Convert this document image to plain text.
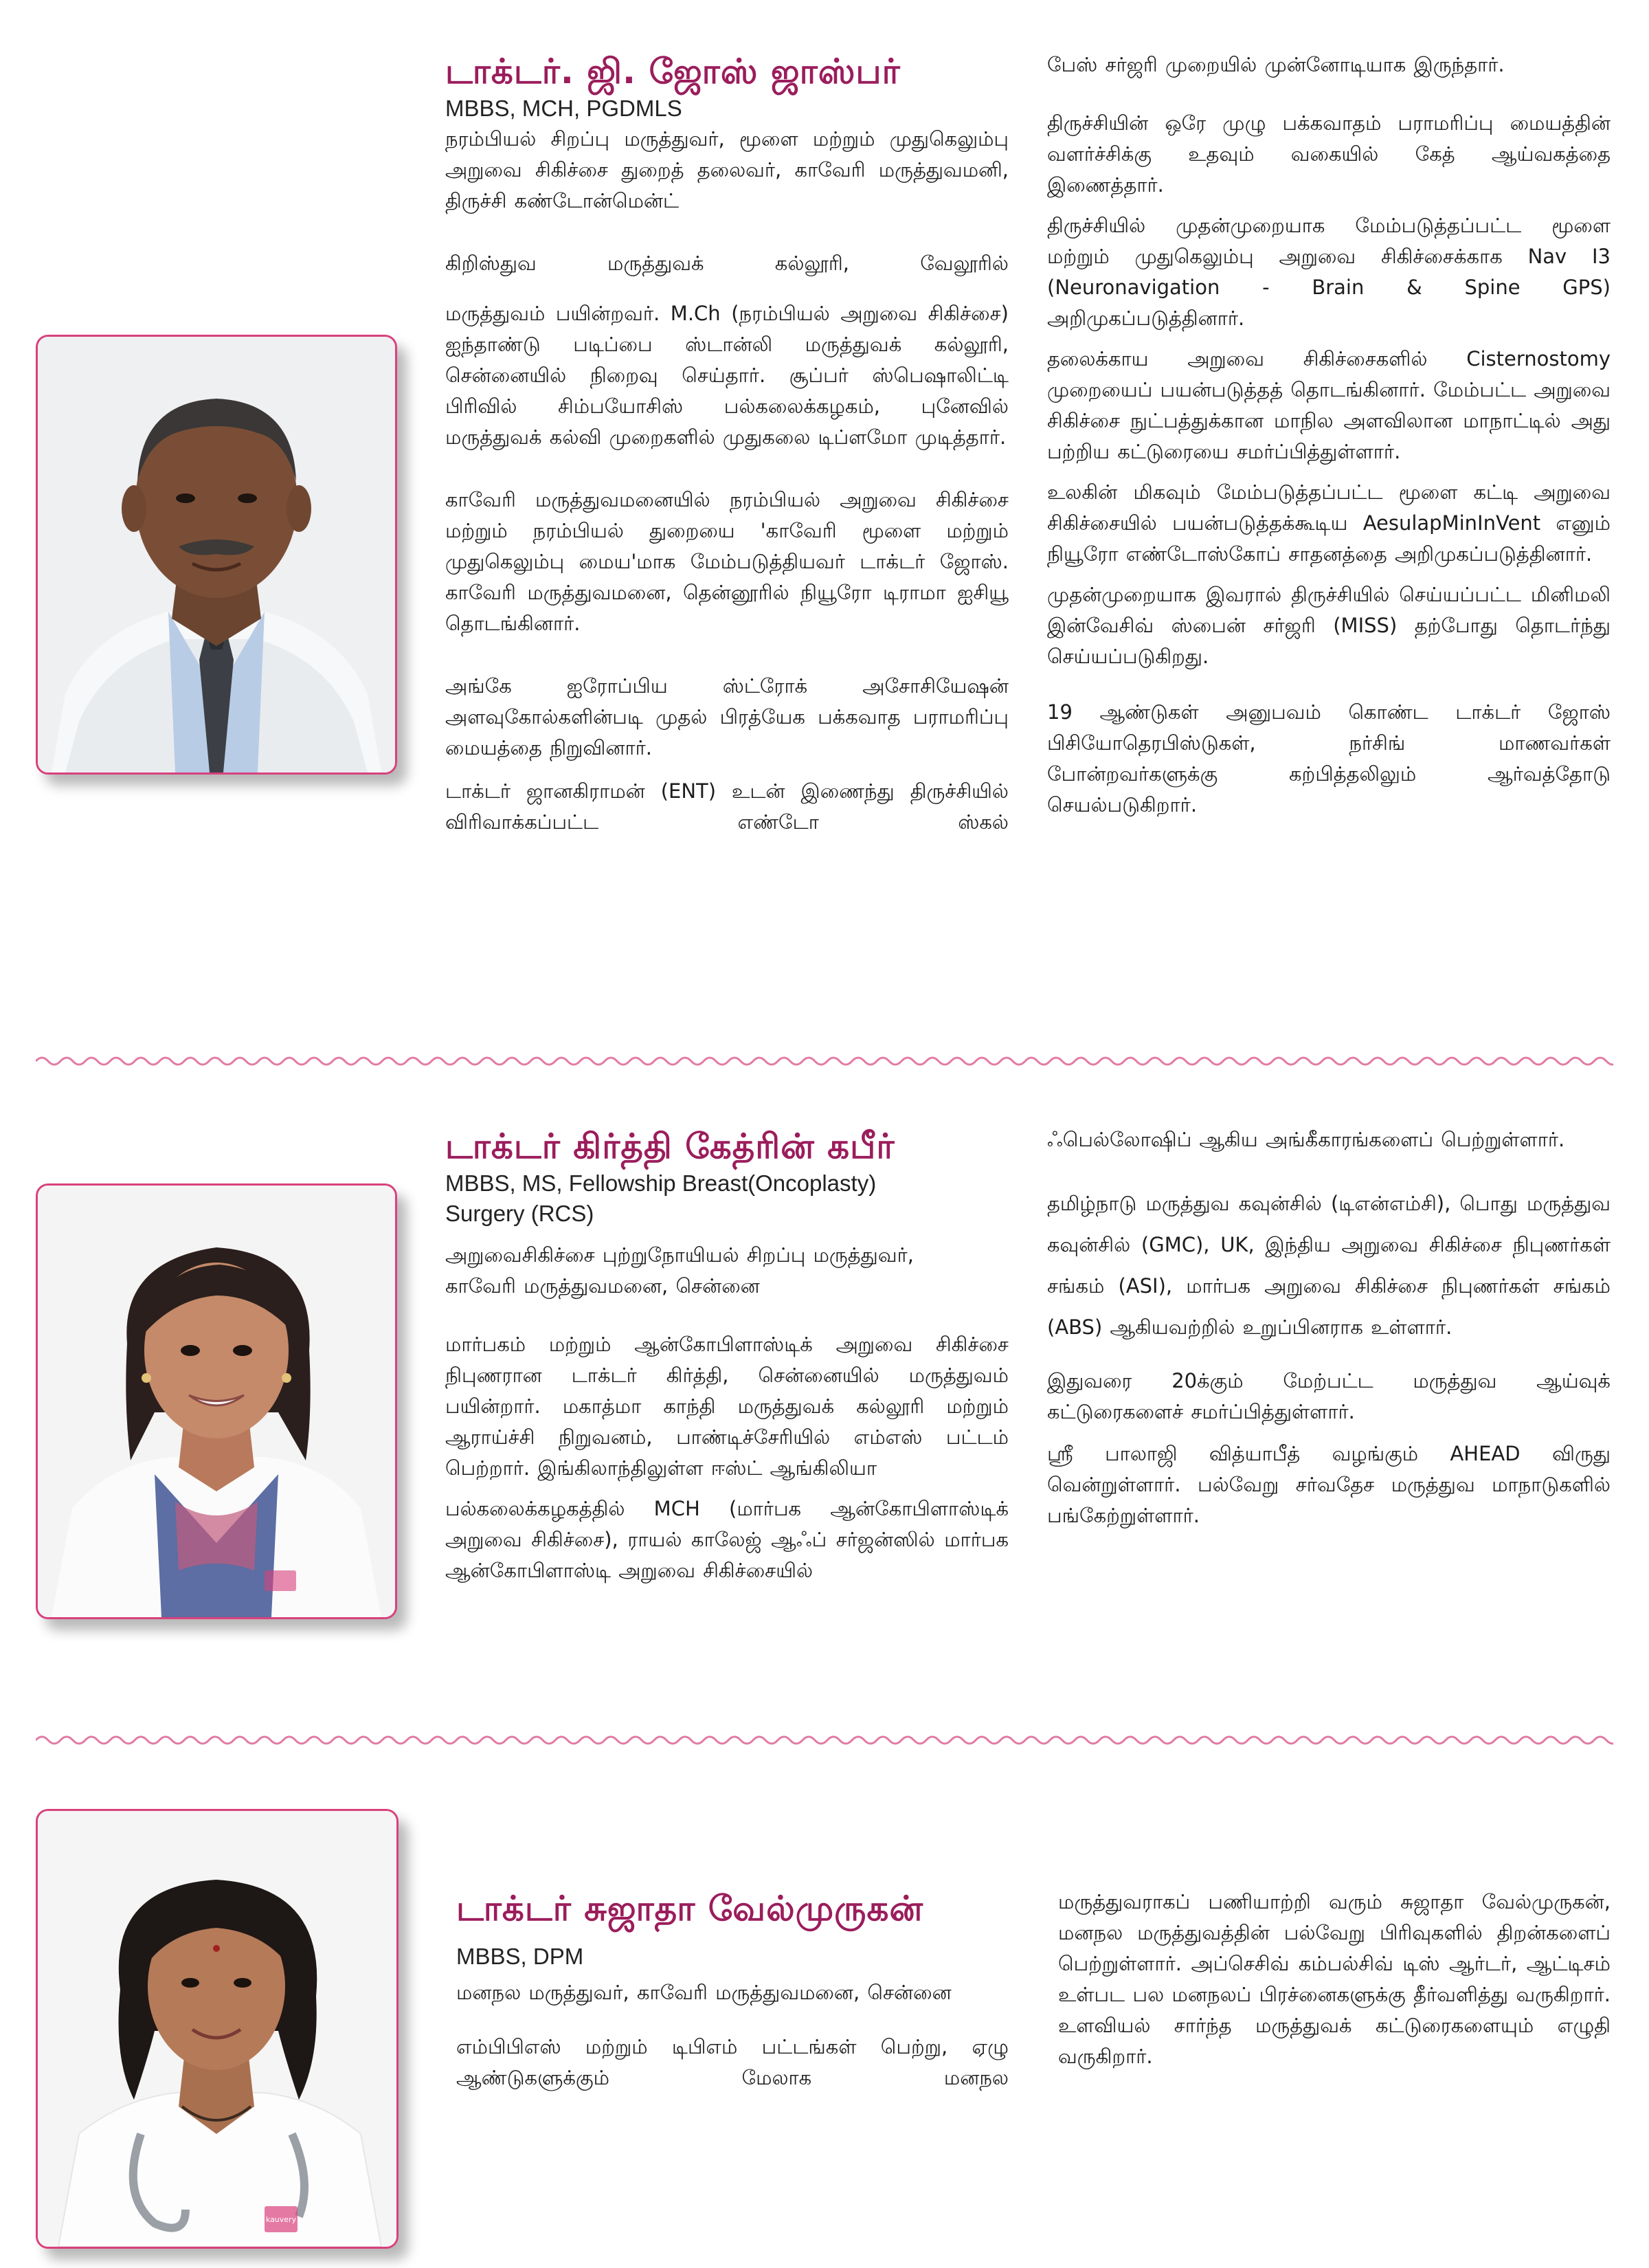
டாக்டர். ஜி. ஜோஸ் ஜாஸ்பர்

MBBS, MCH, PGDMLS

நரம்பியல் சிறப்பு மருத்துவர், மூளை மற்றும் முதுகெலும்பு அறுவை சிகிச்சை துறைத் தலைவர், காவேரி மருத்துவமனி, திருச்சி கண்டோன்மென்ட்

கிறிஸ்துவ மருத்துவக் கல்லூரி, வேலூரில்

மருத்துவம் பயின்றவர். M.Ch (நரம்பியல் அறுவை சிகிச்சை) ஐந்தாண்டு படிப்பை ஸ்டான்லி மருத்துவக் கல்லூரி, சென்னையில் நிறைவு செய்தார். சூப்பர் ஸ்பெஷாலிட்டி பிரிவில் சிம்பயோசிஸ் பல்கலைக்கழகம், புனேவில் மருத்துவக் கல்வி முறைகளில் முதுகலை டிப்ளமோ முடித்தார்.

காவேரி மருத்துவமனையில் நரம்பியல் அறுவை சிகிச்சை மற்றும் நரம்பியல் துறையை 'காவேரி மூளை மற்றும் முதுகெலும்பு மைய'மாக மேம்படுத்தியவர் டாக்டர் ஜோஸ். காவேரி மருத்துவமனை, தென்னூரில் நியூரோ டிராமா ஐசியூ தொடங்கினார்.

அங்கே ஐரோப்பிய ஸ்ட்ரோக் அசோசியேஷன் அளவுகோல்களின்படி முதல் பிரத்யேக பக்கவாத பராமரிப்பு மையத்தை நிறுவினார்.

டாக்டர் ஜானகிராமன் (ENT) உடன் இணைந்து திருச்சியில் விரிவாக்கப்பட்ட எண்டோ ஸ்கல்

பேஸ் சர்ஜரி முறையில் முன்னோடியாக இருந்தார்.

திருச்சியின் ஒரே முழு பக்கவாதம் பராமரிப்பு மையத்தின் வளர்ச்சிக்கு உதவும் வகையில் கேத் ஆய்வகத்தை இணைத்தார்.

திருச்சியில் முதன்முறையாக மேம்படுத்தப்பட்ட மூளை மற்றும் முதுகெலும்பு அறுவை சிகிச்சைக்காக Nav I3 (Neuronavigation - Brain & Spine GPS) அறிமுகப்படுத்தினார்.

தலைக்காய அறுவை சிகிச்சைகளில் Cisternostomy முறையைப் பயன்படுத்தத் தொடங்கினார். மேம்பட்ட அறுவை சிகிச்சை நுட்பத்துக்கான மாநில அளவிலான மாநாட்டில் அது பற்றிய கட்டுரையை சமர்ப்பித்துள்ளார்.

உலகின் மிகவும் மேம்படுத்தப்பட்ட மூளை கட்டி அறுவை சிகிச்சையில் பயன்படுத்தக்கூடிய AesulapMinInVent எனும் நியூரோ எண்டோஸ்கோப் சாதனத்தை அறிமுகப்படுத்தினார்.

முதன்முறையாக இவரால் திருச்சியில் செய்யப்பட்ட மினிமலி இன்வேசிவ் ஸ்பைன் சர்ஜரி (MISS) தற்போது தொடர்ந்து செய்யப்படுகிறது.

19 ஆண்டுகள் அனுபவம் கொண்ட டாக்டர் ஜோஸ் பிசியோதெரபிஸ்டுகள், நர்சிங் மாணவர்கள் போன்றவர்களுக்கு கற்பித்தலிலும் ஆர்வத்தோடு செயல்படுகிறார்.

டாக்டர் கிர்த்தி கேத்ரின் கபீர்

MBBS, MS, Fellowship Breast(Oncoplasty) Surgery (RCS)

அறுவைசிகிச்சை புற்றுநோயியல் சிறப்பு மருத்துவர், காவேரி மருத்துவமனை, சென்னை

மார்பகம் மற்றும் ஆன்கோபிளாஸ்டிக் அறுவை சிகிச்சை நிபுணரான டாக்டர் கிர்த்தி, சென்னையில் மருத்துவம் பயின்றார். மகாத்மா காந்தி மருத்துவக் கல்லூரி மற்றும் ஆராய்ச்சி நிறுவனம், பாண்டிச்சேரியில் எம்எஸ் பட்டம் பெற்றார். இங்கிலாந்திலுள்ள ஈஸ்ட் ஆங்கிலியா

பல்கலைக்கழகத்தில் MCH (மார்பக ஆன்கோபிளாஸ்டிக் அறுவை சிகிச்சை), ராயல் காலேஜ் ஆஃப் சர்ஜன்ஸில் மார்பக ஆன்கோபிளாஸ்டி அறுவை சிகிச்சையில்

ஃபெல்லோஷிப் ஆகிய அங்கீகாரங்களைப் பெற்றுள்ளார்.

தமிழ்நாடு மருத்துவ கவுன்சில் (டிஎன்எம்சி), பொது மருத்துவ கவுன்சில் (GMC), UK, இந்திய அறுவை சிகிச்சை நிபுணர்கள் சங்கம் (ASI), மார்பக அறுவை சிகிச்சை நிபுணர்கள் சங்கம் (ABS) ஆகியவற்றில் உறுப்பினராக உள்ளார்.

இதுவரை 20க்கும் மேற்பட்ட மருத்துவ ஆய்வுக் கட்டுரைகளைச் சமர்ப்பித்துள்ளார்.

ஸ்ரீ பாலாஜி வித்யாபீத் வழங்கும் AHEAD விருது வென்றுள்ளார். பல்வேறு சர்வதேச மருத்துவ மாநாடுகளில் பங்கேற்றுள்ளார்.

kauvery
டாக்டர் சுஜாதா வேல்முருகன்

MBBS, DPM

மனநல மருத்துவர், காவேரி மருத்துவமனை, சென்னை

எம்பிபிஎஸ் மற்றும் டிபிஎம் பட்டங்கள் பெற்று, ஏழு ஆண்டுகளுக்கும் மேலாக மனநல

மருத்துவராகப் பணியாற்றி வரும் சுஜாதா வேல்முருகன், மனநல மருத்துவத்தின் பல்வேறு பிரிவுகளில் திறன்களைப் பெற்றுள்ளார். அப்செசிவ் கம்பல்சிவ் டிஸ் ஆர்டர், ஆட்டிசம் உள்பட பல மனநலப் பிரச்னைகளுக்கு தீர்வளித்து வருகிறார். உளவியல் சார்ந்த மருத்துவக் கட்டுரைகளையும் எழுதி வருகிறார்.
